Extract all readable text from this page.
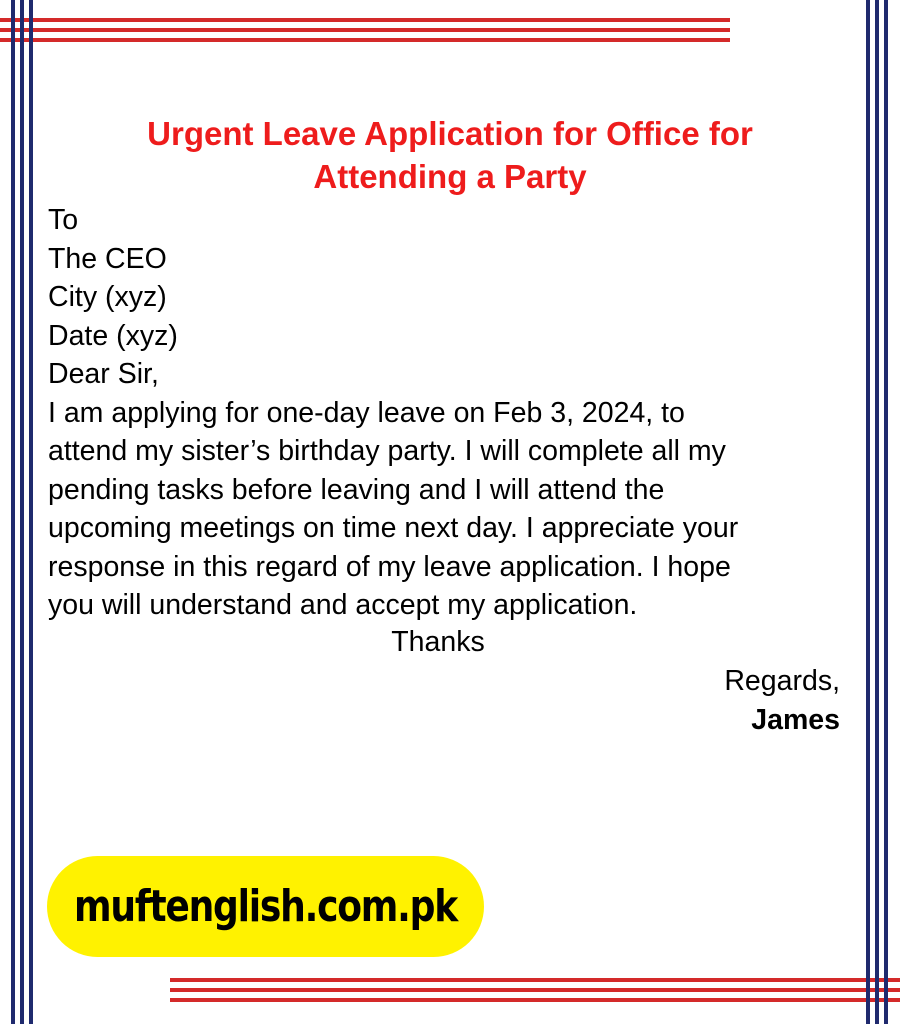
Urgent Leave Application for Office for
Attending a Party
To
The CEO
City (xyz)
Date (xyz)
Dear Sir,
I am applying for one-day leave on Feb 3, 2024, to
attend my sister’s birthday party. I will complete all my
pending tasks before leaving and I will attend the
upcoming meetings on time next day. I appreciate your
response in this regard of my leave application. I hope
you will understand and accept my application.
Thanks
Regards,
James
muftenglish.com.pk
